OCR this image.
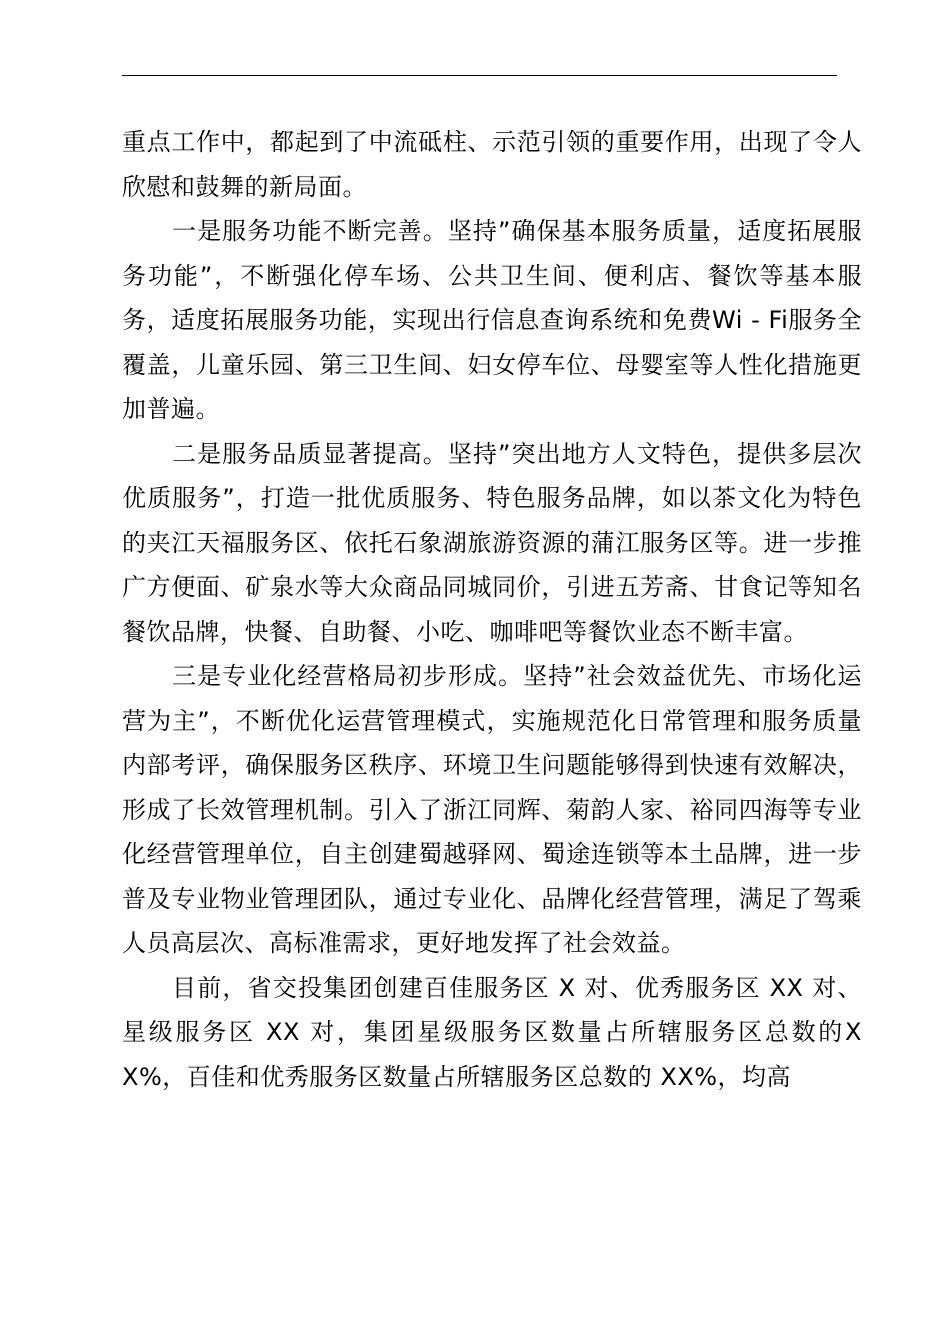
重点工作中，都起到了中流砥柱、示范引领的重要作用，出现了令人欣慰和鼓舞的新局面。

一是服务功能不断完善。坚持”确保基本服务质量，适度拓展服务功能”，不断强化停车场、公共卫生间、便利店、餐饮等基本服务，适度拓展服务功能，实现出行信息查询系统和免费Wi - Fi服务全覆盖，儿童乐园、第三卫生间、妇女停车位、母婴室等人性化措施更加普遍。

二是服务品质显著提高。坚持”突出地方人文特色，提供多层次优质服务”，打造一批优质服务、特色服务品牌，如以茶文化为特色的夹江天福服务区、依托石象湖旅游资源的蒲江服务区等。进一步推广方便面、矿泉水等大众商品同城同价，引进五芳斋、甘食记等知名餐饮品牌，快餐、自助餐、小吃、咖啡吧等餐饮业态不断丰富。

三是专业化经营格局初步形成。坚持”社会效益优先、市场化运营为主”，不断优化运营管理模式，实施规范化日常管理和服务质量内部考评，确保服务区秩序、环境卫生问题能够得到快速有效解决，形成了长效管理机制。引入了浙江同辉、菊韵人家、裕同四海等专业化经营管理单位，自主创建蜀越驿网、蜀途连锁等本土品牌，进一步普及专业物业管理团队，通过专业化、品牌化经营管理，满足了驾乘人员高层次、高标准需求，更好地发挥了社会效益。

目前，省交投集团创建百佳服务区 X 对、优秀服务区 XX 对、星级服务区 XX 对，集团星级服务区数量占所辖服务区总数的XX%，百佳和优秀服务区数量占所辖服务区总数的 XX%，均高
